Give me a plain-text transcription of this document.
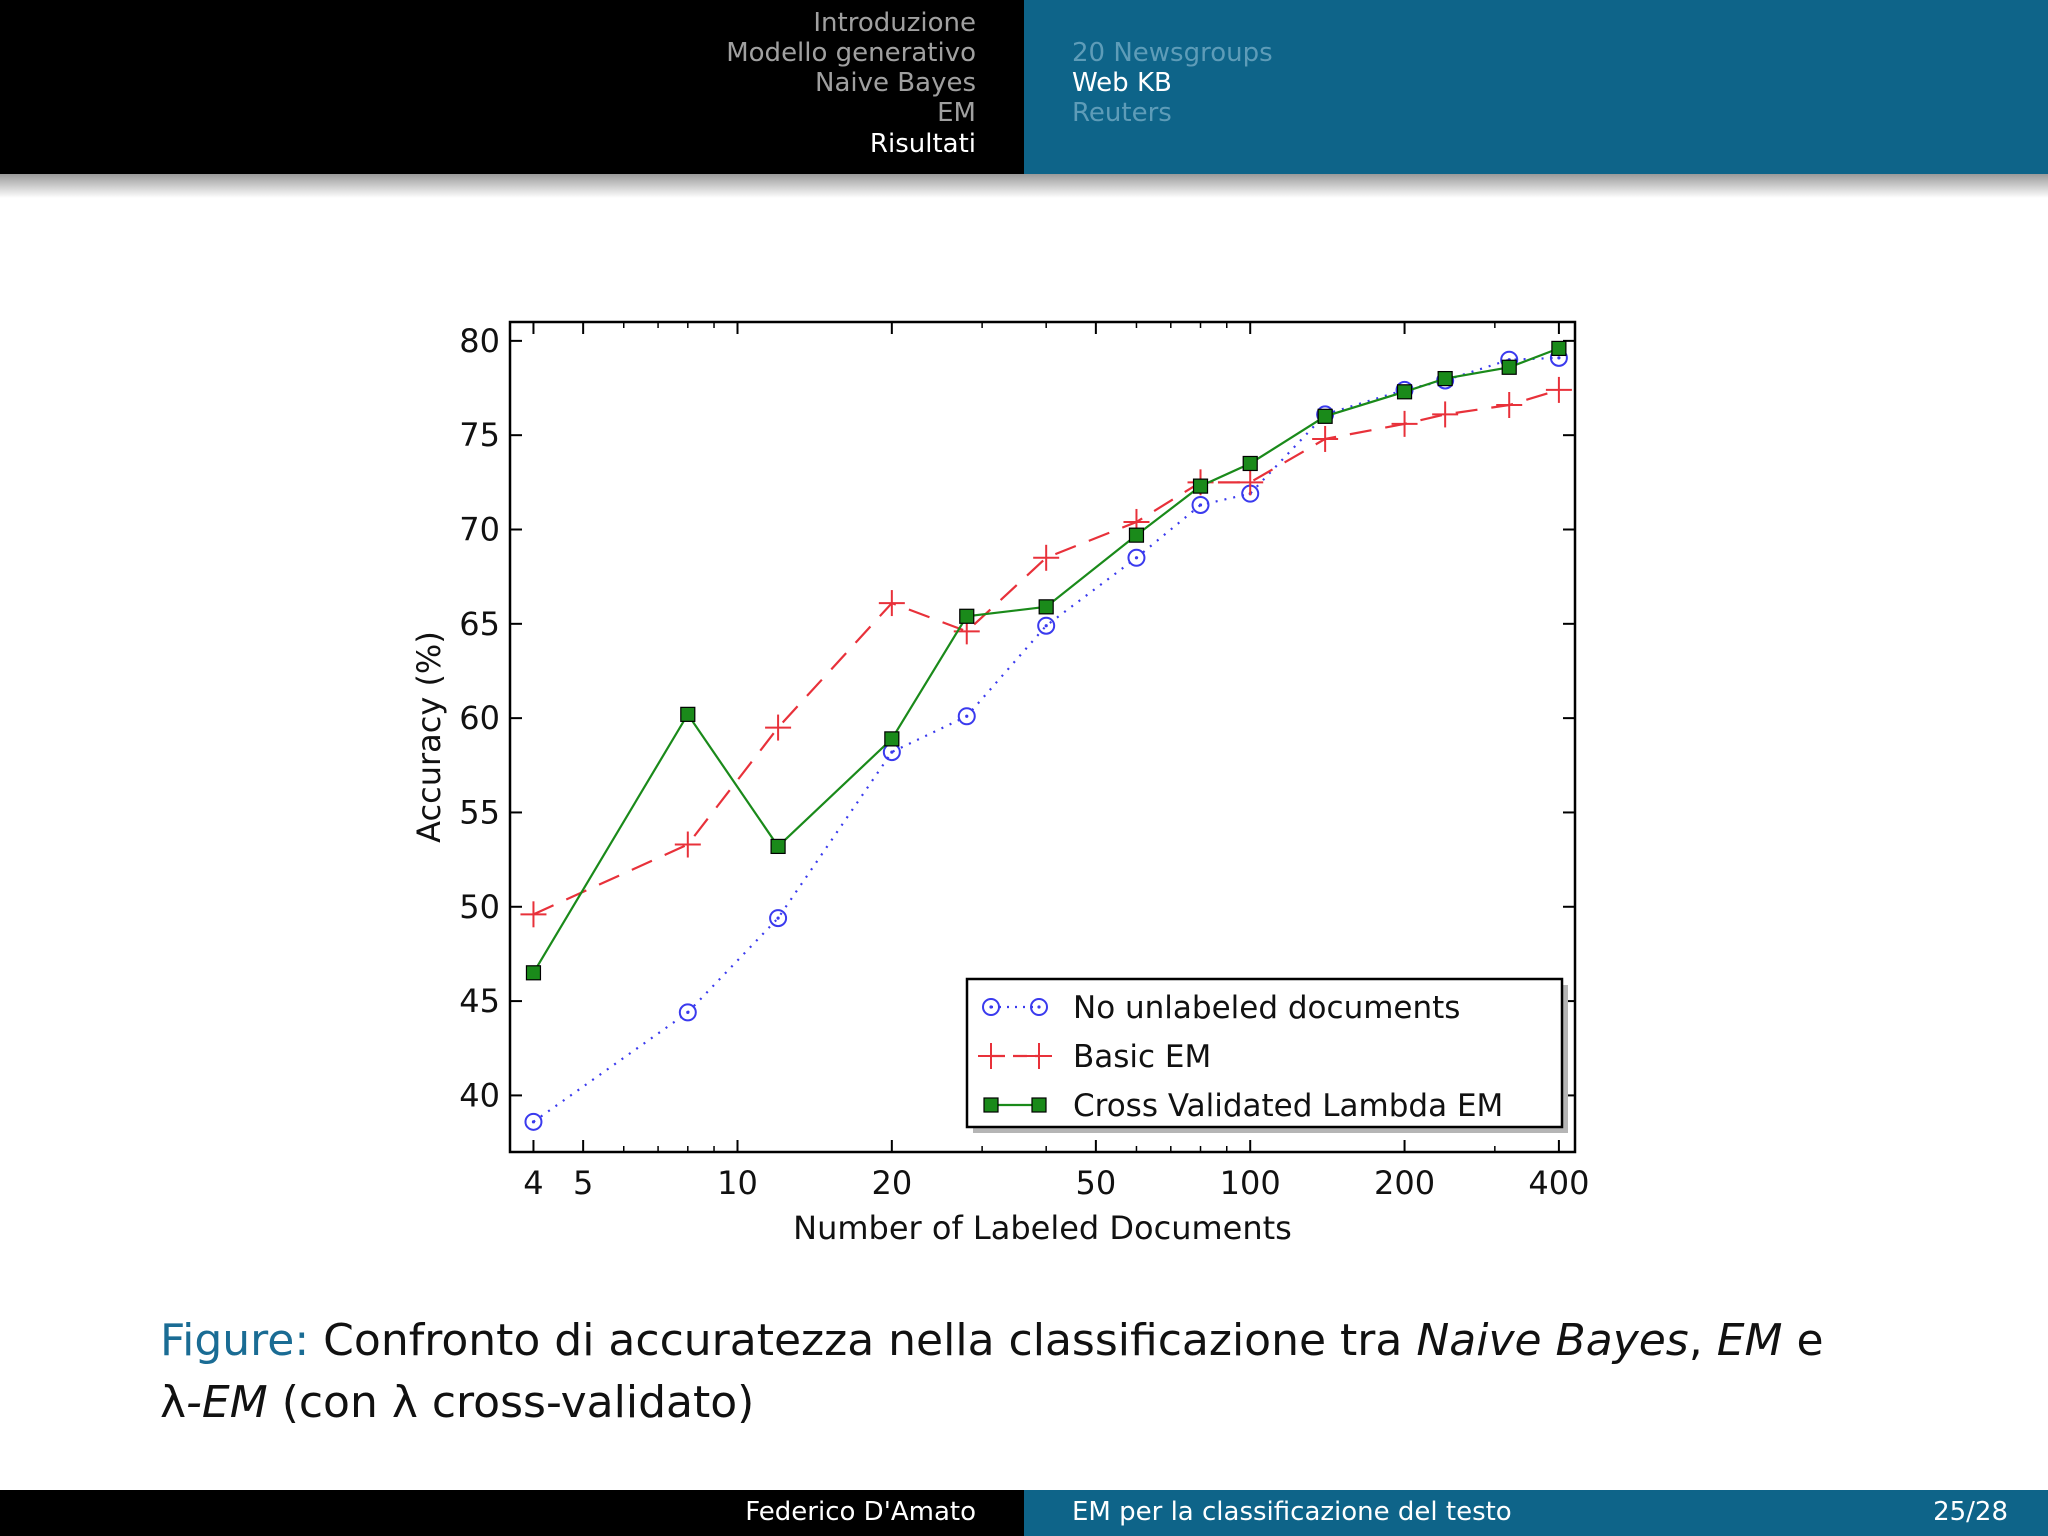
Introduzione
Modello generativo
Naive Bayes
EM
Risultati
20 Newsgroups
Web KB
Reuters
4 5	10	20	50	100	200	400
40
45
50
55
60
65
70
75
80
Number of Labeled Documents
Accuracy (%)
No unlabeled documents
Basic EM
Cross Validated Lambda EM
Figure: Confronto di accuratezza nella classificazione tra Naive Bayes, EM e
λ-EM (con λ cross-validato)
Federico D'Amato	EM per la classificazione del testo	25/28
